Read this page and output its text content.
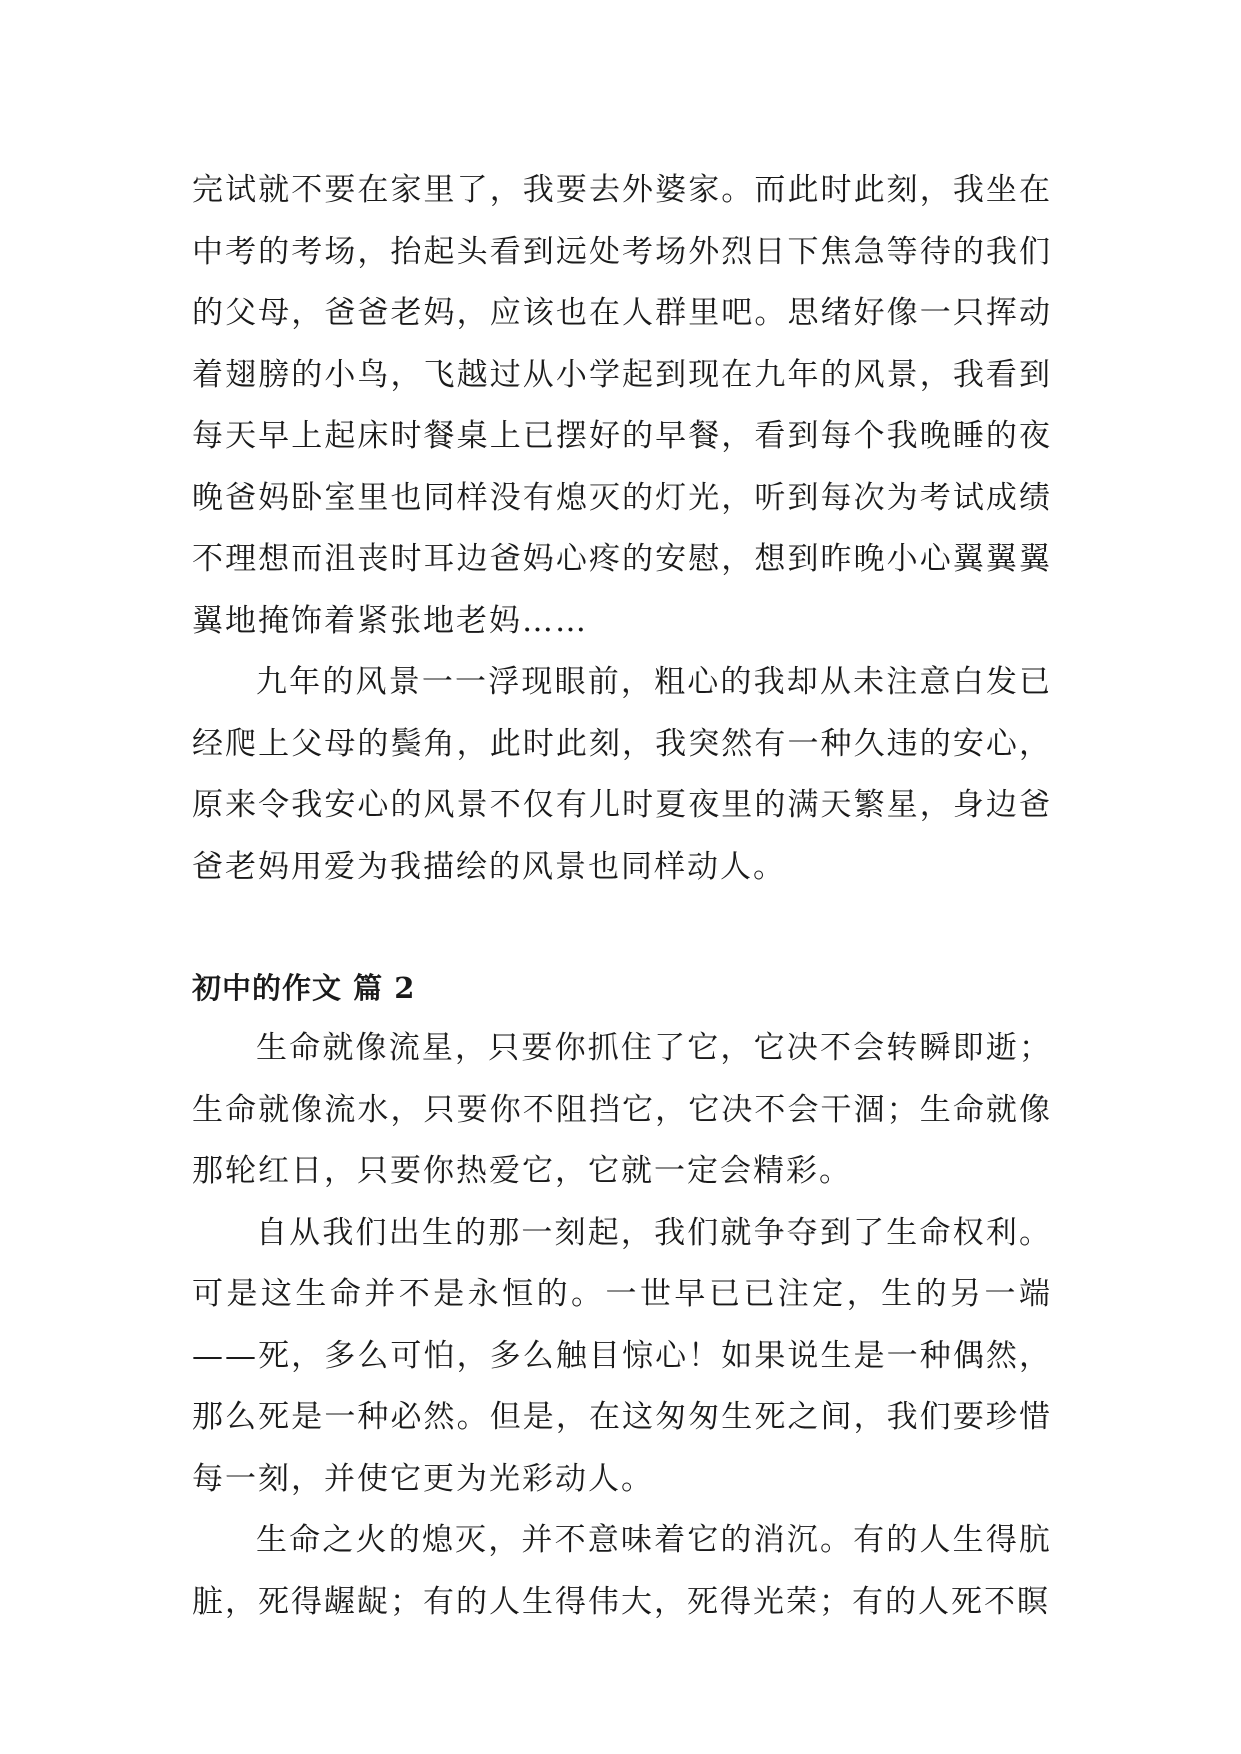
完试就不要在家里了，我要去外婆家。而此时此刻，我坐在中考的考场，抬起头看到远处考场外烈日下焦急等待的我们的父母，爸爸老妈，应该也在人群里吧。思绪好像一只挥动着翅膀的小鸟，飞越过从小学起到现在九年的风景，我看到每天早上起床时餐桌上已摆好的早餐，看到每个我晚睡的夜晚爸妈卧室里也同样没有熄灭的灯光，听到每次为考试成绩不理想而沮丧时耳边爸妈心疼的安慰，想到昨晚小心翼翼翼翼地掩饰着紧张地老妈……

九年的风景一一浮现眼前，粗心的我却从未注意白发已经爬上父母的鬓角，此时此刻，我突然有一种久违的安心，原来令我安心的风景不仅有儿时夏夜里的满天繁星，身边爸爸老妈用爱为我描绘的风景也同样动人。

初中的作文 篇 2

生命就像流星，只要你抓住了它，它决不会转瞬即逝；生命就像流水，只要你不阻挡它，它决不会干涸；生命就像那轮红日，只要你热爱它，它就一定会精彩。

自从我们出生的那一刻起，我们就争夺到了生命权利。可是这生命并不是永恒的。一世早已已注定，生的另一端——死，多么可怕，多么触目惊心！如果说生是一种偶然，那么死是一种必然。但是，在这匆匆生死之间，我们要珍惜每一刻，并使它更为光彩动人。

生命之火的熄灭，并不意味着它的消沉。有的人生得肮脏，死得龌龊；有的人生得伟大，死得光荣；有的人死不瞑
